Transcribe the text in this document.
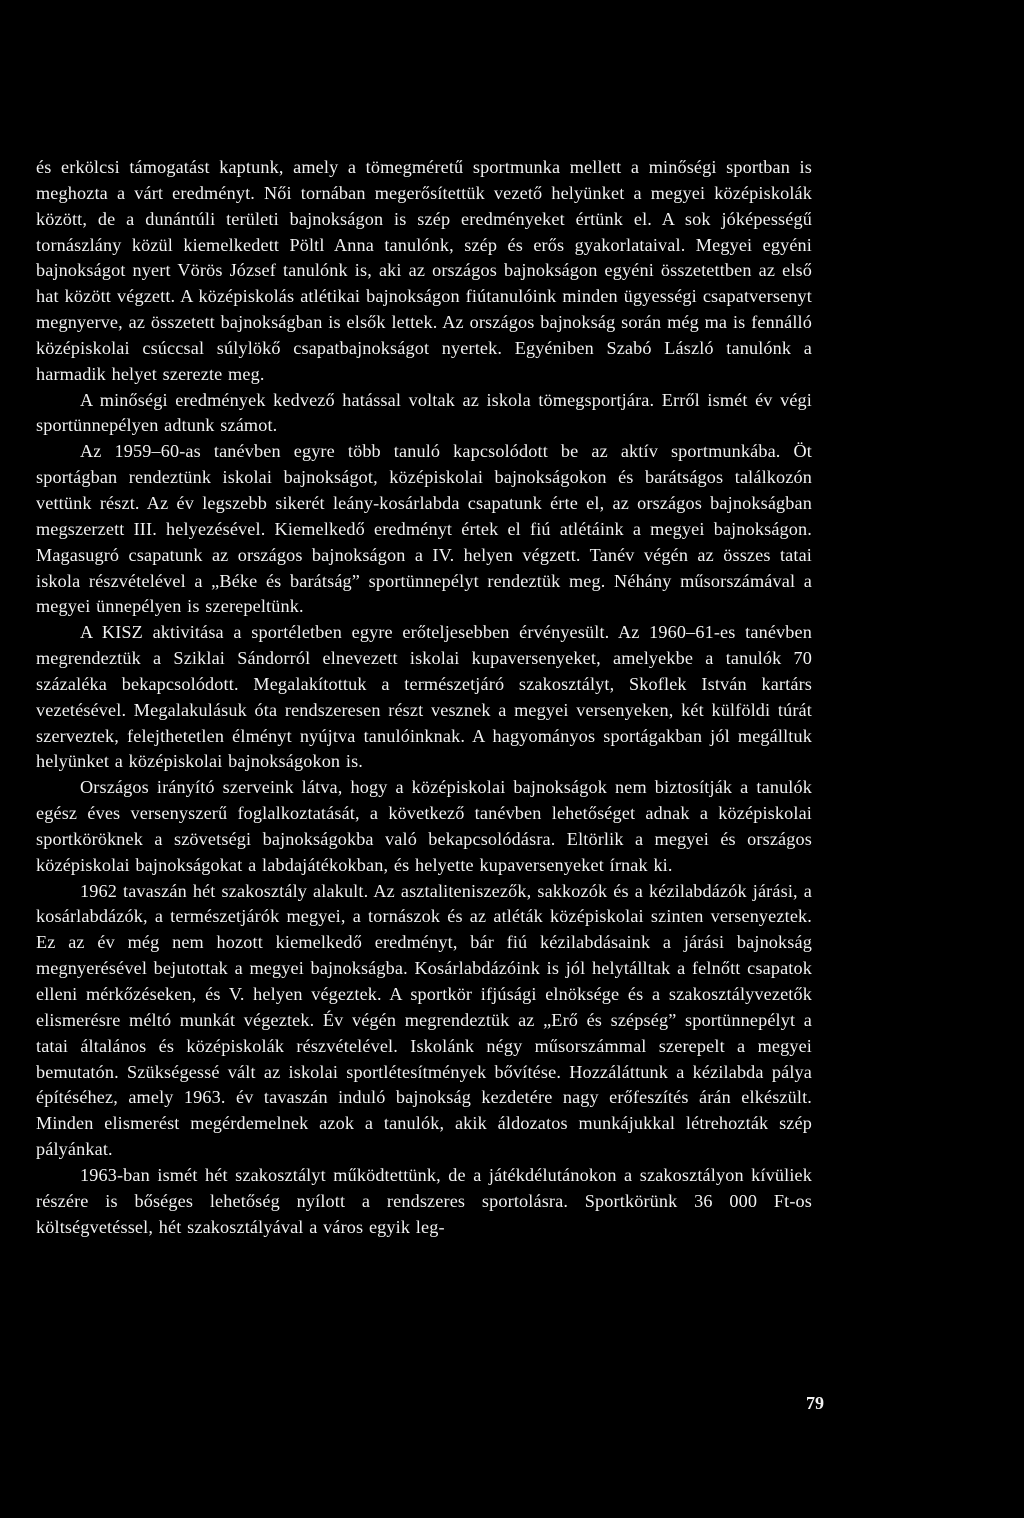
és erkölcsi támogatást kaptunk, amely a tömegméretű sportmunka mellett a minőségi sportban is meghozta a várt eredményt. Női tornában megerősítettük vezető helyünket a megyei középiskolák között, de a dunántúli területi bajnokságon is szép eredményeket értünk el. A sok jóképességű tornászlány közül kiemelkedett Pöltl Anna tanulónk, szép és erős gyakorlataival. Megyei egyéni bajnokságot nyert Vörös József tanulónk is, aki az országos bajnokságon egyéni összetettben az első hat között végzett. A középiskolás atlétikai bajnokságon fiútanulóink minden ügyességi csapatversenyt megnyerve, az összetett bajnokságban is elsők lettek. Az országos bajnokság során még ma is fennálló középiskolai csúccsal súlylökő csapatbajnokságot nyertek. Egyéniben Szabó László tanulónk a harmadik helyet szerezte meg.

A minőségi eredmények kedvező hatással voltak az iskola tömegsportjára. Erről ismét év végi sportünnepélyen adtunk számot.

Az 1959–60-as tanévben egyre több tanuló kapcsolódott be az aktív sportmunkába. Öt sportágban rendeztünk iskolai bajnokságot, középiskolai bajnokságokon és barátságos találkozón vettünk részt. Az év legszebb sikerét leány-kosárlabda csapatunk érte el, az országos bajnokságban megszerzett III. helyezésével. Kiemelkedő eredményt értek el fiú atlétáink a megyei bajnokságon. Magasugró csapatunk az országos bajnokságon a IV. helyen végzett. Tanév végén az összes tatai iskola részvételével a „Béke és barátság” sportünnepélyt rendeztük meg. Néhány műsorszámával a megyei ünnepélyen is szerepeltünk.

A KISZ aktivitása a sportéletben egyre erőteljesebben érvényesült. Az 1960–61-es tanévben megrendeztük a Sziklai Sándorról elnevezett iskolai kupaversenyeket, amelyekbe a tanulók 70 százaléka bekapcsolódott. Megalakítottuk a természetjáró szakosztályt, Skoflek István kartárs vezetésével. Megalakulásuk óta rendszeresen részt vesznek a megyei versenyeken, két külföldi túrát szerveztek, felejthetetlen élményt nyújtva tanulóinknak. A hagyományos sportágakban jól megálltuk helyünket a középiskolai bajnokságokon is.

Országos irányító szerveink látva, hogy a középiskolai bajnokságok nem biztosítják a tanulók egész éves versenyszerű foglalkoztatását, a következő tanévben lehetőséget adnak a középiskolai sportköröknek a szövetségi bajnokságokba való bekapcsolódásra. Eltörlik a megyei és országos középiskolai bajnokságokat a labdajátékokban, és helyette kupaversenyeket írnak ki.

1962 tavaszán hét szakosztály alakult. Az asztaliteniszezők, sakkozók és a kézilabdázók járási, a kosárlabdázók, a természetjárók megyei, a tornászok és az atléták középiskolai szinten versenyeztek. Ez az év még nem hozott kiemelkedő eredményt, bár fiú kézilabdásaink a járási bajnokság megnyerésével bejutottak a megyei bajnokságba. Kosárlabdázóink is jól helytálltak a felnőtt csapatok elleni mérkőzéseken, és V. helyen végeztek. A sportkör ifjúsági elnöksége és a szakosztályvezetők elismerésre méltó munkát végeztek. Év végén megrendeztük az „Erő és szépség” sportünnepélyt a tatai általános és középiskolák részvételével. Iskolánk négy műsorszámmal szerepelt a megyei bemutatón. Szükségessé vált az iskolai sportlétesítmények bővítése. Hozzáláttunk a kézilabda pálya építéséhez, amely 1963. év tavaszán induló bajnokság kezdetére nagy erőfeszítés árán elkészült. Minden elismerést megérdemelnek azok a tanulók, akik áldozatos munkájukkal létrehozták szép pályánkat.

1963-ban ismét hét szakosztályt működtettünk, de a játékdélutánokon a szakosztályon kívüliek részére is bőséges lehetőség nyílott a rendszeres sportolásra. Sportkörünk 36 000 Ft-os költségvetéssel, hét szakosztályával a város egyik leg-

79
